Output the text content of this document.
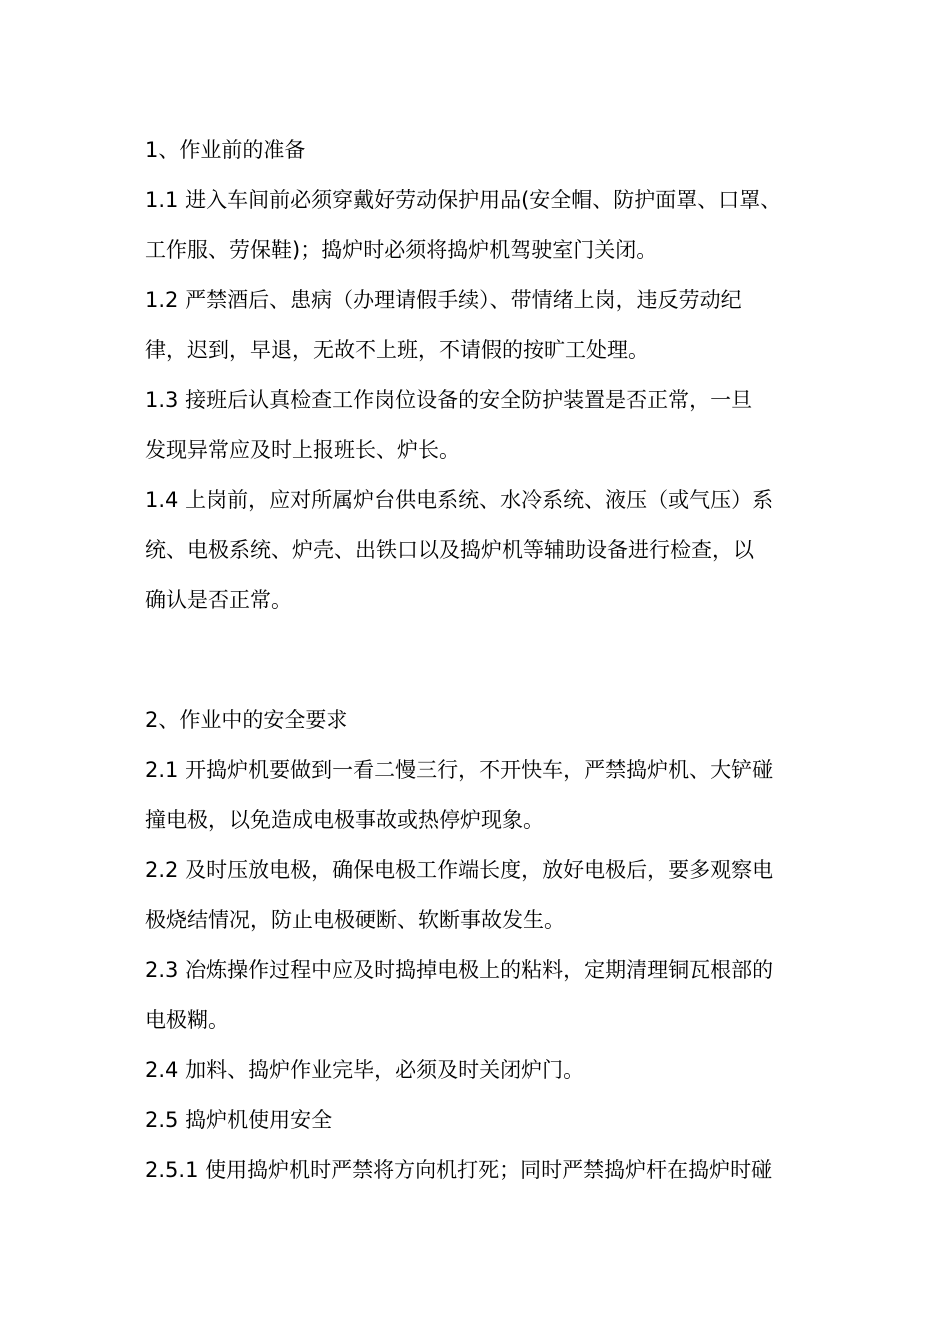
1、作业前的准备
1.1 进入车间前必须穿戴好劳动保护用品(安全帽、防护面罩、口罩、
工作服、劳保鞋)；捣炉时必须将捣炉机驾驶室门关闭。
1.2 严禁酒后、患病（办理请假手续）、带情绪上岗，违反劳动纪
律，迟到，早退，无故不上班，不请假的按旷工处理。
1.3 接班后认真检查工作岗位设备的安全防护装置是否正常，一旦
发现异常应及时上报班长、炉长。
1.4 上岗前，应对所属炉台供电系统、水冷系统、液压（或气压）系
统、电极系统、炉壳、出铁口以及捣炉机等辅助设备进行检查，以
确认是否正常。
2、作业中的安全要求
2.1 开捣炉机要做到一看二慢三行，不开快车，严禁捣炉机、大铲碰
撞电极，以免造成电极事故或热停炉现象。
2.2 及时压放电极，确保电极工作端长度，放好电极后，要多观察电
极烧结情况，防止电极硬断、软断事故发生。
2.3 冶炼操作过程中应及时捣掉电极上的粘料，定期清理铜瓦根部的
电极糊。
2.4 加料、捣炉作业完毕，必须及时关闭炉门。
2.5 捣炉机使用安全
2.5.1 使用捣炉机时严禁将方向机打死；同时严禁捣炉杆在捣炉时碰
